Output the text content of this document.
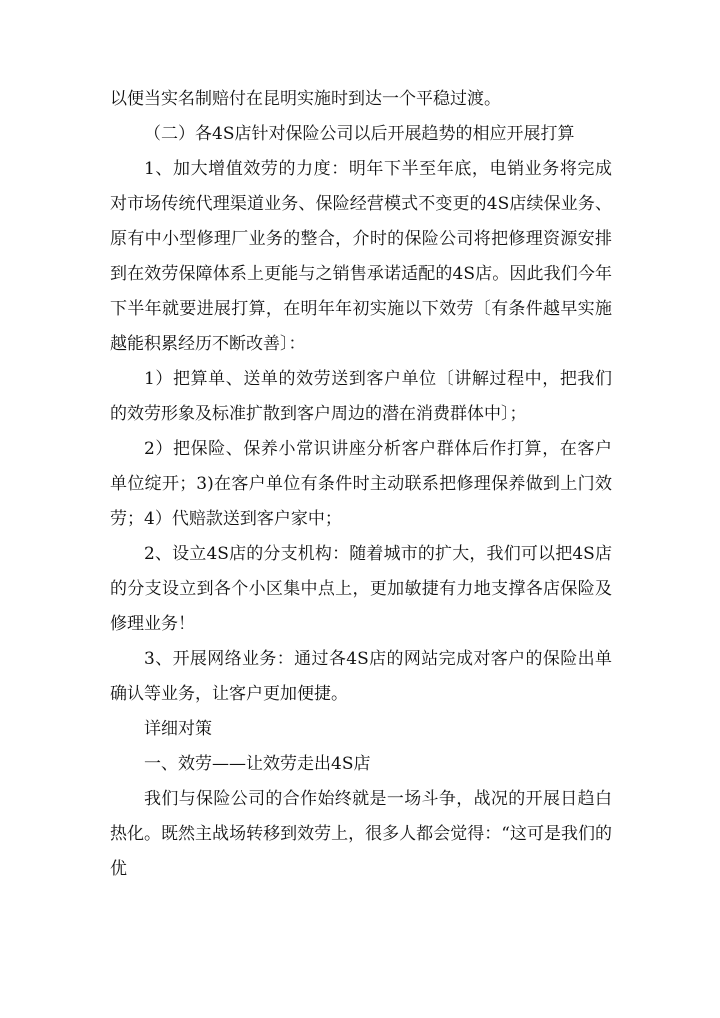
以便当实名制赔付在昆明实施时到达一个平稳过渡。

（二）各4S店针对保险公司以后开展趋势的相应开展打算

1、加大增值效劳的力度：明年下半至年底，电销业务将完成对市场传统代理渠道业务、保险经营模式不变更的4S店续保业务、原有中小型修理厂业务的整合，介时的保险公司将把修理资源安排到在效劳保障体系上更能与之销售承诺适配的4S店。因此我们今年下半年就要进展打算，在明年年初实施以下效劳〔有条件越早实施越能积累经历不断改善〕：

1）把算单、送单的效劳送到客户单位〔讲解过程中，把我们的效劳形象及标准扩散到客户周边的潜在消费群体中〕；

2）把保险、保养小常识讲座分析客户群体后作打算，在客户单位绽开；3)在客户单位有条件时主动联系把修理保养做到上门效劳；4）代赔款送到客户家中；

2、设立4S店的分支机构：随着城市的扩大，我们可以把4S店的分支设立到各个小区集中点上，更加敏捷有力地支撑各店保险及修理业务！

3、开展网络业务：通过各4S店的网站完成对客户的保险出单确认等业务，让客户更加便捷。

详细对策

一、效劳——让效劳走出4S店

我们与保险公司的合作始终就是一场斗争，战况的开展日趋白热化。既然主战场转移到效劳上，很多人都会觉得：“这可是我们的优
